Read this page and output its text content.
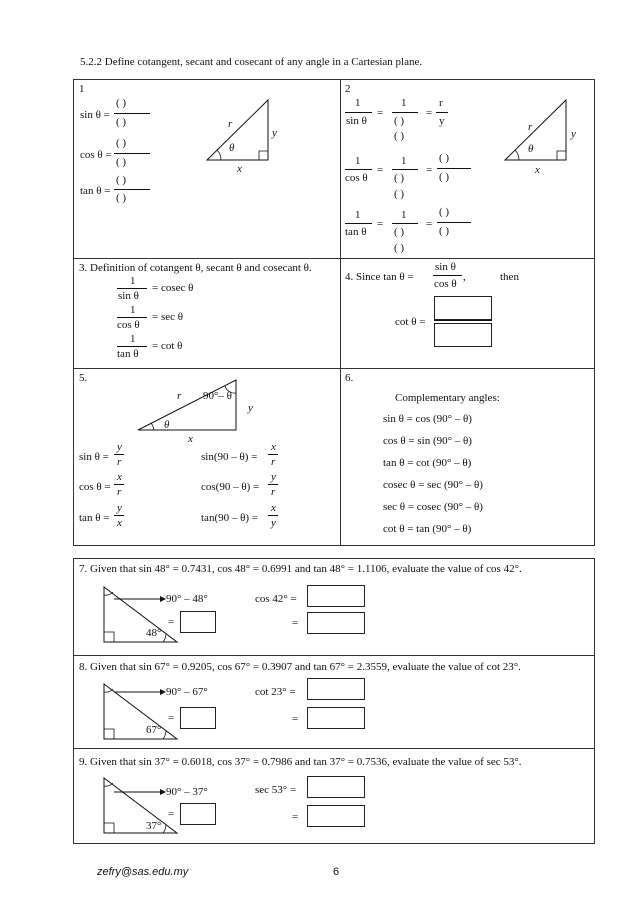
5.2.2 Define cotangent, secant and cosecant of any angle in a Cartesian plane.
1
sin θ =
( )
( )
cos θ =
( )
( )
tan θ =
( )
( )
r
y
x
θ
2
1
sin θ
=
1
( )
=
r
y
( )
1
cos θ
=
1
( )
=
( )
( )
( )
1
tan θ
=
1
( )
=
( )
( )
( )
r
y
x
θ
3. Definition of cotangent θ, secant θ and cosecant θ.
1
sin θ
= cosec θ
1
cos θ
= sec θ
1
tan θ
= cot θ
4. Since tan θ =
sin θ
cos θ
,	then
cot θ =
5.
r 90°– θ
y
θ
x
sin θ =
y
r
cos θ =
x
r
tan θ =
y
x
sin(90 – θ) =
x
r
cos(90 – θ) =
y
r
tan(90 – θ) =
x
y
6.
Complementary angles:
sin θ = cos (90° – θ)
cos θ = sin (90° – θ)
tan θ = cot (90° – θ)
cosec θ = sec (90° – θ)
sec θ = cosec (90° – θ)
cot θ = tan (90° – θ)
7. Given that sin 48° = 0.7431, cos 48° = 0.6991 and tan 48° = 1.1106, evaluate the value of cos 42°.
90° – 48°
48°
=
cos 42° =
=
8. Given that sin 67° = 0.9205, cos 67° = 0.3907 and tan 67° = 2.3559, evaluate the value of cot 23°.
90° – 67°
67°
=
cot 23° =
=
9. Given that sin 37° = 0.6018, cos 37° = 0.7986 and tan 37° = 0.7536, evaluate the value of sec 53°.
90° – 37°
37°
=
sec 53° =
=
zefry@sas.edu.my	6
